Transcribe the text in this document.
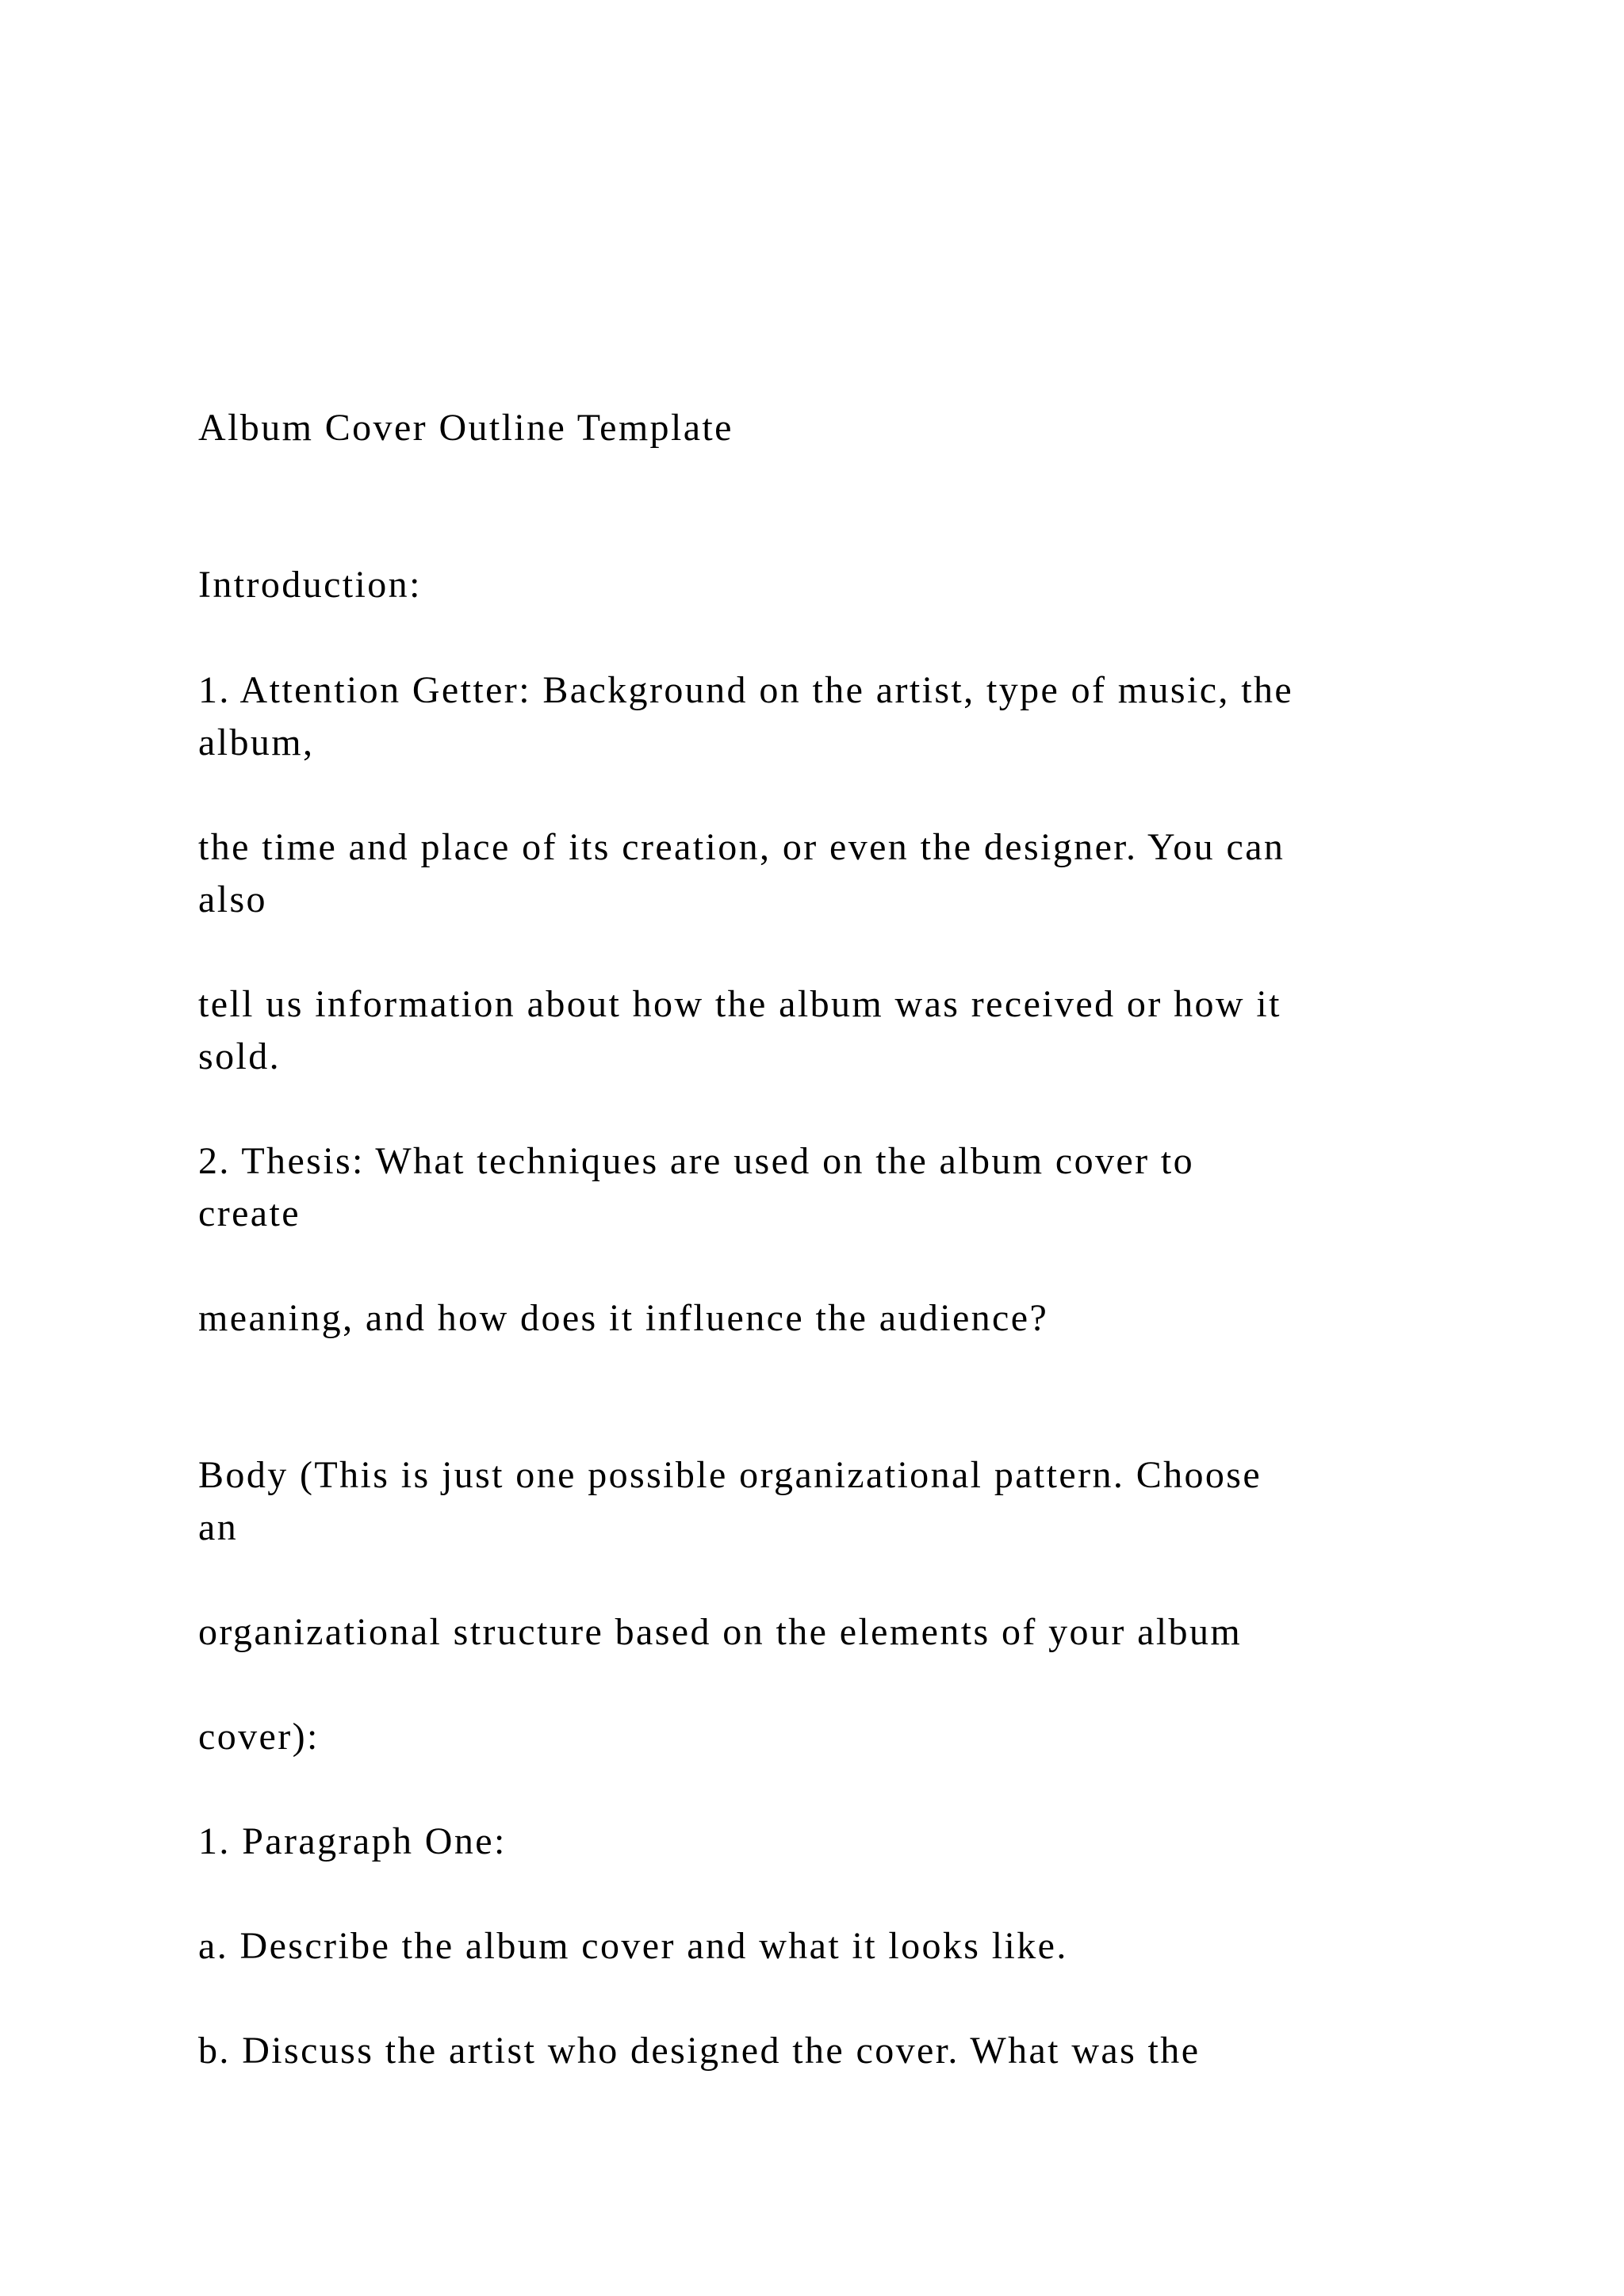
Album Cover Outline Template
Introduction:
1. Attention Getter: Background on the artist, type of music, the
album,
the time and place of its creation, or even the designer. You can
also
tell us information about how the album was received or how it
sold.
2. Thesis: What techniques are used on the album cover to
create
meaning, and how does it influence the audience?
Body (This is just one possible organizational pattern. Choose
an
organizational structure based on the elements of your album
cover):
1. Paragraph One:
a. Describe the album cover and what it looks like.
b. Discuss the artist who designed the cover. What was the
